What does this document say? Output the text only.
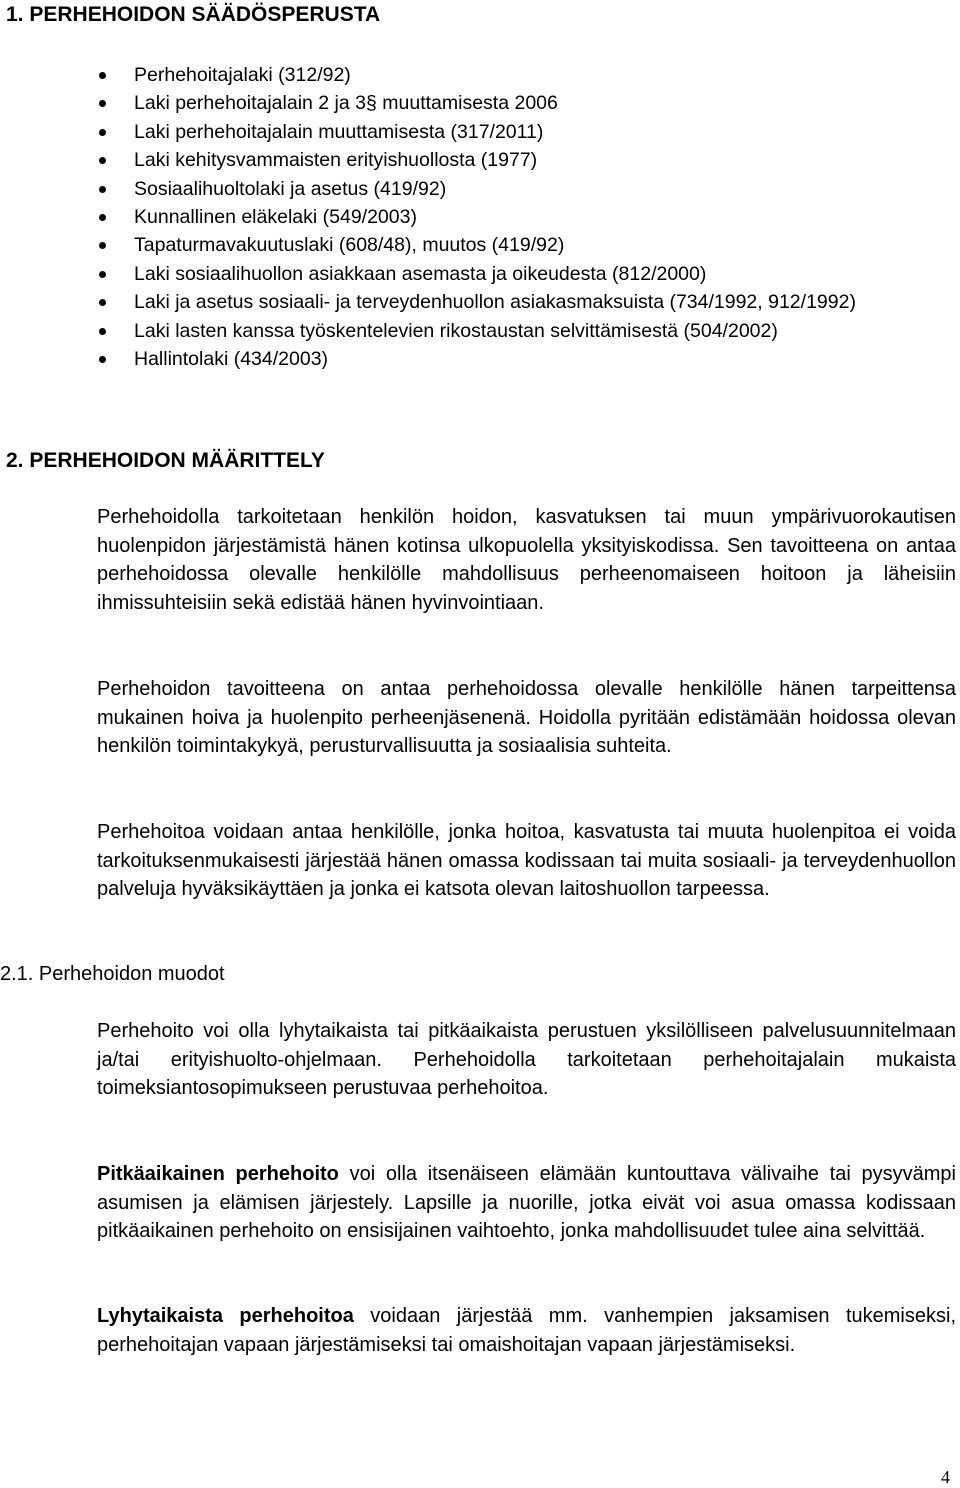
1. PERHEHOIDON SÄÄDÖSPERUSTA
Perhehoitajalaki (312/92)
Laki perhehoitajalain 2 ja 3§ muuttamisesta 2006
Laki perhehoitajalain muuttamisesta (317/2011)
Laki kehitysvammaisten erityishuollosta (1977)
Sosiaalihuoltolaki ja asetus (419/92)
Kunnallinen eläkelaki (549/2003)
Tapaturmavakuutuslaki (608/48), muutos (419/92)
Laki sosiaalihuollon asiakkaan asemasta ja oikeudesta (812/2000)
Laki ja asetus sosiaali- ja terveydenhuollon asiakasmaksuista (734/1992, 912/1992)
Laki lasten kanssa työskentelevien rikostaustan selvittämisestä (504/2002)
Hallintolaki (434/2003)
2. PERHEHOIDON MÄÄRITTELY

Perhehoidolla tarkoitetaan henkilön hoidon, kasvatuksen tai muun ympärivuorokautisen huolenpidon järjestämistä hänen kotinsa ulkopuolella yksityiskodissa. Sen tavoitteena on antaa perhehoidossa olevalle henkilölle mahdollisuus perheenomaiseen hoitoon ja läheisiin ihmissuhteisiin sekä edistää hänen hyvinvointiaan.

Perhehoidon tavoitteena on antaa perhehoidossa olevalle henkilölle hänen tarpeittensa mukainen hoiva ja huolenpito perheenjäsenenä. Hoidolla pyritään edistämään hoidossa olevan henkilön toimintakykyä, perusturvallisuutta ja sosiaalisia suhteita.

Perhehoitoa voidaan antaa henkilölle, jonka hoitoa, kasvatusta tai muuta huolenpitoa ei voida tarkoituksenmukaisesti järjestää hänen omassa kodissaan tai muita sosiaali- ja terveydenhuollon palveluja hyväksikäyttäen ja jonka ei katsota olevan laitoshuollon tarpeessa.

2.1. Perhehoidon muodot

Perhehoito voi olla lyhytaikaista tai pitkäaikaista perustuen yksilölliseen palvelusuunnitelmaan ja/tai erityishuolto-ohjelmaan. Perhehoidolla tarkoitetaan perhehoitajalain mukaista toimeksiantosopimukseen perustuvaa perhehoitoa.

Pitkäaikainen perhehoito voi olla itsenäiseen elämään kuntouttava välivaihe tai pysyvämpi asumisen ja elämisen järjestely. Lapsille ja nuorille, jotka eivät voi asua omassa kodissaan pitkäaikainen perhehoito on ensisijainen vaihtoehto, jonka mahdollisuudet tulee aina selvittää.

Lyhytaikaista perhehoitoa voidaan järjestää mm. vanhempien jaksamisen tukemiseksi, perhehoitajan vapaan järjestämiseksi tai omaishoitajan vapaan järjestämiseksi.

4
